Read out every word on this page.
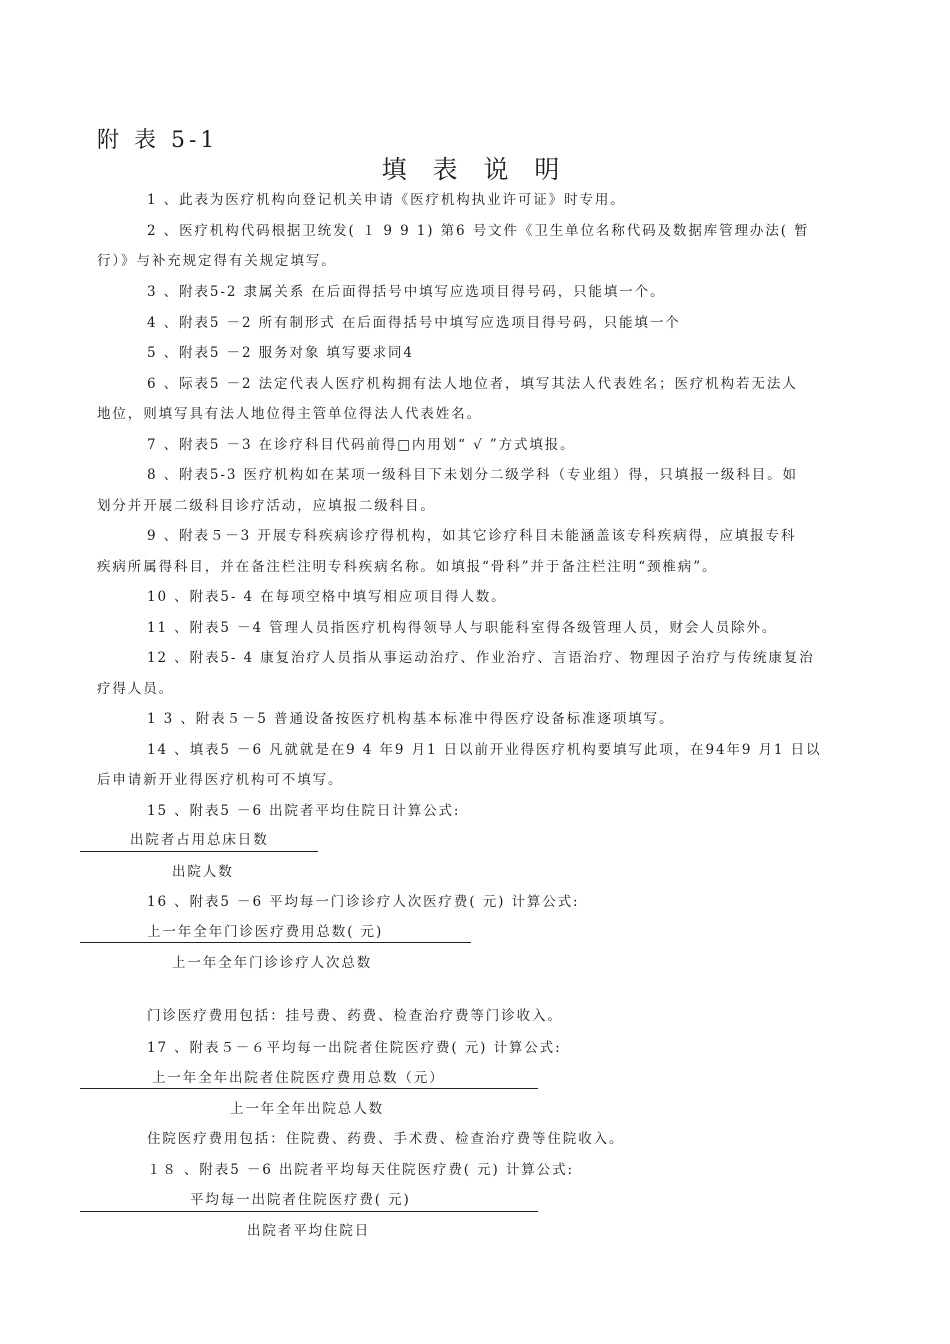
附 表 5-1
填 表 说 明
1 、此表为医疗机构向登记机关申请《医疗机构执业许可证》时专用。
2 、医疗机构代码根据卫统发( １ 9 9 1) 第6 号文件《卫生单位名称代码及数据库管理办法( 暂
行）》与补充规定得有关规定填写。
3 、附表5-2 隶属关系 在后面得括号中填写应选项目得号码，只能填一个。
4 、附表5 －2 所有制形式 在后面得括号中填写应选项目得号码，只能填一个
5 、附表5 －2 服务对象 填写要求同4
6 、际表5 －2 法定代表人医疗机构拥有法人地位者，填写其法人代表姓名；医疗机构若无法人
地位，则填写具有法人地位得主管单位得法人代表姓名。
7 、附表5 －3 在诊疗科目代码前得□内用划“ √ ”方式填报。
8 、附表5-3 医疗机构如在某项一级科目下未划分二级学科（专业组）得，只填报一级科目。如
划分并开展二级科目诊疗活动，应填报二级科目。
9 、附表５－3 开展专科疾病诊疗得机构，如其它诊疗科目未能涵盖该专科疾病得，应填报专科
疾病所属得科目，并在备注栏注明专科疾病名称。如填报“骨科”并于备注栏注明“颈椎病”。
10 、附表5- 4 在每项空格中填写相应项目得人数。
11 、附表5 －4 管理人员指医疗机构得领导人与职能科室得各级管理人员，财会人员除外。
12 、附表5- 4 康复治疗人员指从事运动治疗、作业治疗、言语治疗、物理因子治疗与传统康复治
疗得人员。
1 3 、附表５－5 普通设备按医疗机构基本标准中得医疗设备标准逐项填写。
14 、填表5 －6 凡就就是在9 4 年9 月1 日以前开业得医疗机构要填写此项，在94年9 月1 日以
后申请新开业得医疗机构可不填写。
15 、附表5 －6 出院者平均住院日计算公式:
出院者占用总床日数
出院人数
16 、附表5 －6 平均每一门诊诊疗人次医疗费( 元) 计算公式:
上一年全年门诊医疗费用总数( 元)
上一年全年门诊诊疗人次总数
门诊医疗费用包括：挂号费、药费、检查治疗费等门诊收入。
17 、附表５－６平均每一出院者住院医疗费( 元) 计算公式:
上一年全年出院者住院医疗费用总数（元）
上一年全年出院总人数
住院医疗费用包括：住院费、药费、手术费、检查治疗费等住院收入。
１８ 、附表5 －6 出院者平均每天住院医疗费( 元) 计算公式:
平均每一出院者住院医疗费( 元)
出院者平均住院日
